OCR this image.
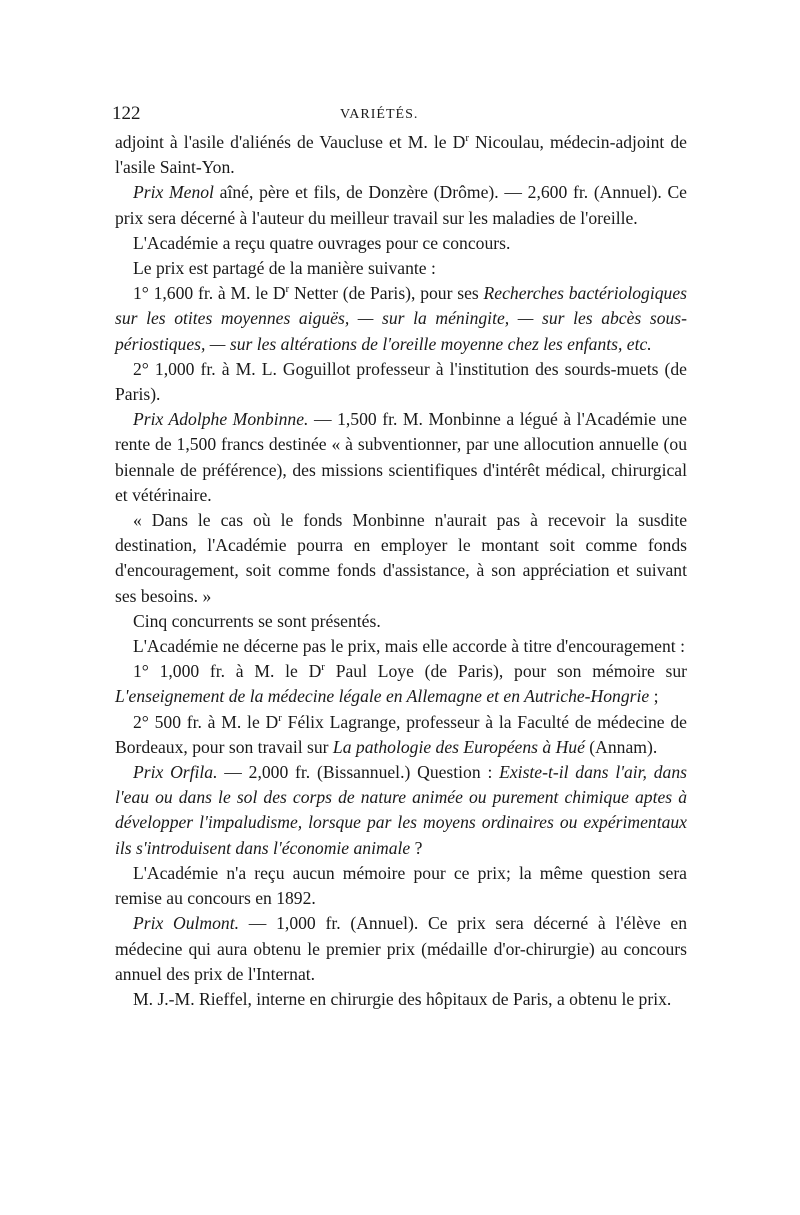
122	VARIÉTÉS.

adjoint à l'asile d'aliénés de Vaucluse et M. le D$^r$ Nicoulau, médecin-adjoint de l'asile Saint-Yon.

Prix Menol aîné, père et fils, de Donzère (Drôme). — 2,600 fr. (Annuel). Ce prix sera décerné à l'auteur du meilleur travail sur les maladies de l'oreille.

L'Académie a reçu quatre ouvrages pour ce concours.

Le prix est partagé de la manière suivante :

1° 1,600 fr. à M. le D$^r$ Netter (de Paris), pour ses Recherches bactériologiques sur les otites moyennes aiguës, — sur la méningite, — sur les abcès sous-périostiques, — sur les altérations de l'oreille moyenne chez les enfants, etc.

2° 1,000 fr. à M. L. Goguillot professeur à l'institution des sourds-muets (de Paris).

Prix Adolphe Monbinne. — 1,500 fr. M. Monbinne a légué à l'Académie une rente de 1,500 francs destinée « à subventionner, par une allocution annuelle (ou biennale de préférence), des missions scientifiques d'intérêt médical, chirurgical et vétérinaire.

« Dans le cas où le fonds Monbinne n'aurait pas à recevoir la susdite destination, l'Académie pourra en employer le montant soit comme fonds d'encouragement, soit comme fonds d'assistance, à son appréciation et suivant ses besoins. »

Cinq concurrents se sont présentés.

L'Académie ne décerne pas le prix, mais elle accorde à titre d'encouragement :

1° 1,000 fr. à M. le D$^r$ Paul Loye (de Paris), pour son mémoire sur L'enseignement de la médecine légale en Allemagne et en Autriche-Hongrie ;

2° 500 fr. à M. le D$^r$ Félix Lagrange, professeur à la Faculté de médecine de Bordeaux, pour son travail sur La pathologie des Européens à Hué (Annam).

Prix Orfila. — 2,000 fr. (Bissannuel.) Question : Existe-t-il dans l'air, dans l'eau ou dans le sol des corps de nature animée ou purement chimique aptes à développer l'impaludisme, lorsque par les moyens ordinaires ou expérimentaux ils s'introduisent dans l'économie animale ?

L'Académie n'a reçu aucun mémoire pour ce prix; la même question sera remise au concours en 1892.

Prix Oulmont. — 1,000 fr. (Annuel). Ce prix sera décerné à l'élève en médecine qui aura obtenu le premier prix (médaille d'or-chirurgie) au concours annuel des prix de l'Internat.

M. J.-M. Rieffel, interne en chirurgie des hôpitaux de Paris, a obtenu le prix.
